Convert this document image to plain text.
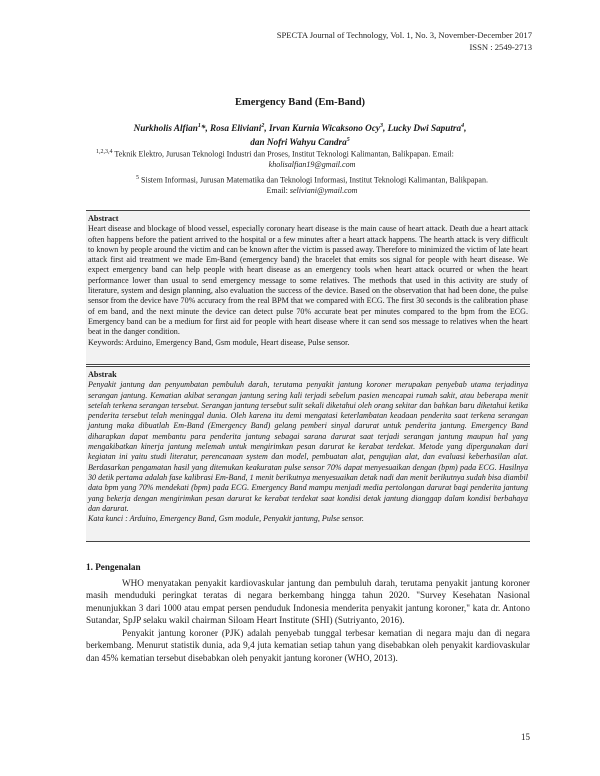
SPECTA Journal of Technology, Vol. 1, No. 3, November-December 2017
ISSN : 2549-2713
Emergency Band (Em-Band)
Nurkholis Alfian$^1$*, Rosa Eliviani$^2$, Irvan Kurnia Wicaksono Ocy$^3$, Lucky Dwi Saputra$^4$,
dan Nofri Wahyu Candra$^5$
$^{1,2,3,4}$ Teknik Elektro, Jurusan Teknologi Industri dan Proses, Institut Teknologi Kalimantan, Balikpapan. Email:
kholisalfian19@gmail.com
$^5$ Sistem Informasi, Jurusan Matematika dan Teknologi Informasi, Institut Teknologi Kalimantan, Balikpapan.
Email: seliviani@ymail.com
Abstract

Heart disease and blockage of blood vessel, especially coronary heart disease is the main cause of heart attack. Death due a heart attack often happens before the patient arrived to the hospital or a few minutes after a heart attack happens. The hearth attack is very difficult to known by people around the victim and can be known after the victim is passed away. Therefore to minimized the victim of late heart attack first aid treatment we made Em-Band (emergency band) the bracelet that emits sos signal for people with heart disease. We expect emergency band can help people with heart disease as an emergency tools when heart attack ocurred or when the heart performance lower than usual to send emergency message to some relatives. The methods that used in this activity are study of literature, system and design planning, also evaluation the success of the device. Based on the observation that had been done, the pulse sensor from the device have 70% accuracy from the real BPM that we compared with ECG. The first 30 seconds is the calibration phase of em band, and the next minute the device can detect pulse 70% accurate beat per minutes compared to the bpm from the ECG. Emergency band can be a medium for first aid for people with heart disease where it can send sos message to relatives when the heart beat in the danger condition.

Keywords: Arduino, Emergency Band, Gsm module, Heart disease, Pulse sensor.

Abstrak

Penyakit jantung dan penyumbatan pembuluh darah, terutama penyakit jantung koroner merupakan penyebab utama terjadinya serangan jantung. Kematian akibat serangan jantung sering kali terjadi sebelum pasien mencapai rumah sakit, atau beberapa menit setelah terkena serangan tersebut. Serangan jantung tersebut sulit sekali diketahui oleh orang sekitar dan bahkan baru diketahui ketika penderita tersebut telah meninggal dunia. Oleh karena itu demi mengatasi keterlambatan keadaan penderita saat terkena serangan jantung maka dibuatlah Em-Band (Emergency Band) gelang pemberi sinyal darurat untuk penderita jantung. Emergency Band diharapkan dapat membantu para penderita jantung sebagai sarana darurat saat terjadi serangan jantung maupun hal yang mengakibatkan kinerja jantung melemah untuk mengirimkan pesan darurat ke kerabat terdekat. Metode yang dipergunakan dari kegiatan ini yaitu studi literatur, perencanaan system dan model, pembuatan alat, pengujian alat, dan evaluasi keberhasilan alat. Berdasarkan pengamatan hasil yang ditemukan keakuratan pulse sensor 70% dapat menyesuaikan dengan (bpm) pada ECG. Hasilnya 30 detik pertama adalah fase kalibrasi Em-Band, 1 menit berikutnya menyesuaikan detak nadi dan menit berikutnya sudah bisa diambil data bpm yang 70% mendekati (bpm) pada ECG. Emergency Band mampu menjadi media pertolongan darurat bagi penderita jantung yang bekerja dengan mengirimkan pesan darurat ke kerabat terdekat saat kondisi detak jantung dianggap dalam kondisi berbahaya dan darurat.

Kata kunci : Arduino, Emergency Band, Gsm module, Penyakit jantung, Pulse sensor.

1. Pengenalan

WHO menyatakan penyakit kardiovaskular jantung dan pembuluh darah, terutama penyakit jantung koroner masih menduduki peringkat teratas di negara berkembang hingga tahun 2020. "Survey Kesehatan Nasional menunjukkan 3 dari 1000 atau empat persen penduduk Indonesia menderita penyakit jantung koroner," kata dr. Antono Sutandar, SpJP selaku wakil chairman Siloam Heart Institute (SHI) (Sutriyanto, 2016).

Penyakit jantung koroner (PJK) adalah penyebab tunggal terbesar kematian di negara maju dan di negara berkembang. Menurut statistik dunia, ada 9,4 juta kematian setiap tahun yang disebabkan oleh penyakit kardiovaskular dan 45% kematian tersebut disebabkan oleh penyakit jantung koroner (WHO, 2013).

15
